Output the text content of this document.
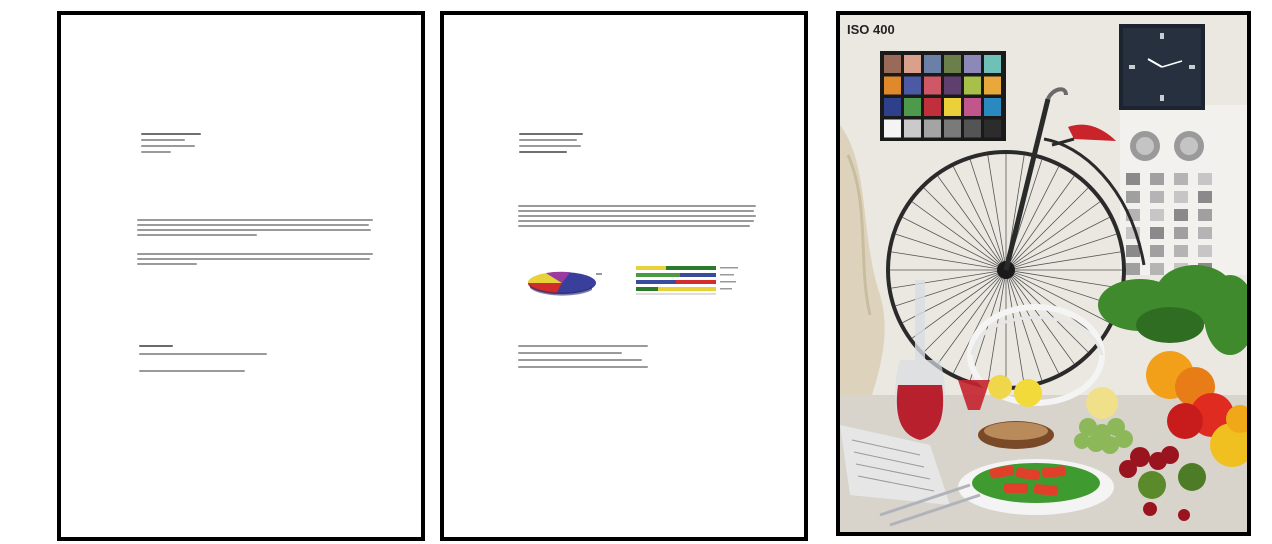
ISO 400
